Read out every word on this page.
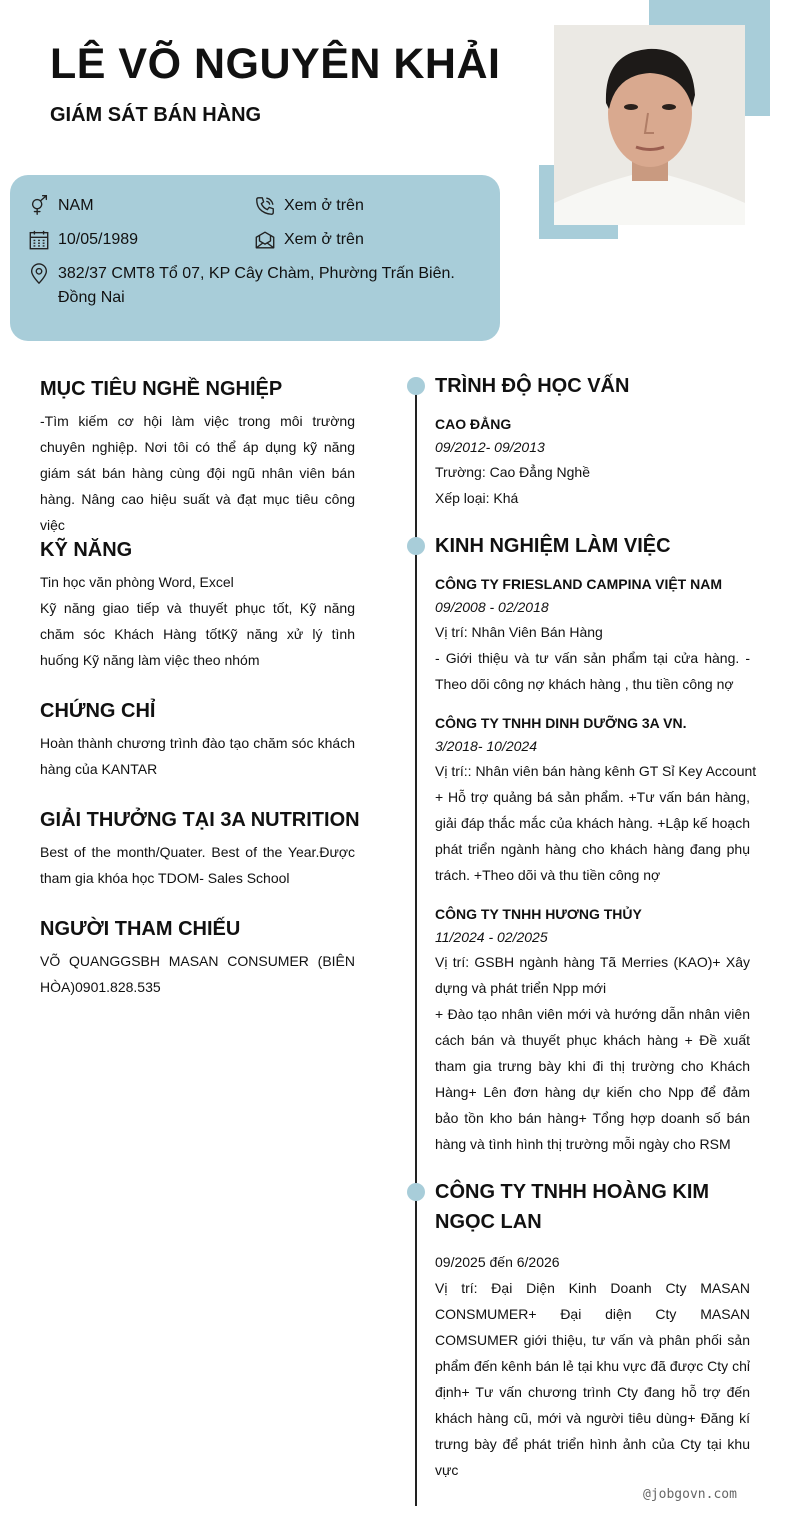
LÊ VÕ NGUYÊN KHẢI
GIÁM SÁT BÁN HÀNG
NAM	Xem ở trên
10/05/1989	Xem ở trên
382/37 CMT8 Tổ 07, KP Cây Chàm, Phường Trấn Biên. Đồng Nai
MỤC TIÊU NGHỀ NGHIỆP
-Tìm kiếm cơ hội làm việc trong môi trường chuyên nghiệp. Nơi tôi có thể áp dụng kỹ năng giám sát bán hàng cùng đội ngũ nhân viên bán hàng. Nâng cao hiệu suất và đạt mục tiêu công việc
KỸ NĂNG
Tin học văn phòng Word, Excel
Kỹ năng giao tiếp và thuyết phục tốt, Kỹ năng chăm sóc Khách Hàng tốtKỹ năng xử lý tình huống Kỹ năng làm việc theo nhóm
CHỨNG CHỈ
Hoàn thành chương trình đào tạo chăm sóc khách hàng của KANTAR
GIẢI THƯỞNG TẠI 3A NUTRITION
Best of the month/Quater. Best of the Year.Được tham gia khóa học TDOM- Sales School
NGƯỜI THAM CHIẾU
VÕ QUANGGSBH MASAN CONSUMER (BIÊN HÒA)0901.828.535
TRÌNH ĐỘ HỌC VẤN
CAO ĐẲNG
09/2012- 09/2013
Trường: Cao Đẳng Nghề
Xếp loại: Khá
KINH NGHIỆM LÀM VIỆC
CÔNG TY FRIESLAND CAMPINA VIỆT NAM
09/2008 - 02/2018
Vị trí: Nhân Viên Bán Hàng
- Giới thiệu và tư vấn sản phẩm tại cửa hàng. - Theo dõi công nợ khách hàng , thu tiền công nợ
CÔNG TY TNHH DINH DƯỠNG 3A VN.
3/2018- 10/2024
Vị trí:: Nhân viên bán hàng kênh GT Sỉ Key Account
+ Hỗ trợ quảng bá sản phẩm. +Tư vấn bán hàng, giải đáp thắc mắc của khách hàng. +Lập kế hoạch phát triển ngành hàng cho khách hàng đang phụ trách. +Theo dõi và thu tiền công nợ
CÔNG TY TNHH HƯƠNG THỦY
11/2024 - 02/2025
Vị trí: GSBH ngành hàng Tã Merries (KAO)+ Xây dựng và phát triển Npp mới
+ Đào tạo nhân viên mới và hướng dẫn nhân viên cách bán và thuyết phục khách hàng + Đề xuất tham gia trưng bày khi đi thị trường cho Khách Hàng+ Lên đơn hàng dự kiến cho Npp để đảm bảo tồn kho bán hàng+ Tổng hợp doanh số bán hàng và tình hình thị trường mỗi ngày cho RSM
CÔNG TY TNHH HOÀNG KIM NGỌC LAN
09/2025 đến 6/2026
Vị trí: Đại Diện Kinh Doanh Cty MASAN CONSMUMER+ Đại diện Cty MASAN COMSUMER giới thiệu, tư vấn và phân phối sản phẩm đến kênh bán lẻ tại khu vực đã được Cty chỉ định+ Tư vấn chương trình Cty đang hỗ trợ đến khách hàng cũ, mới và người tiêu dùng+ Đăng kí trưng bày để phát triển hình ảnh của Cty tại khu vực
@jobgovn.com
